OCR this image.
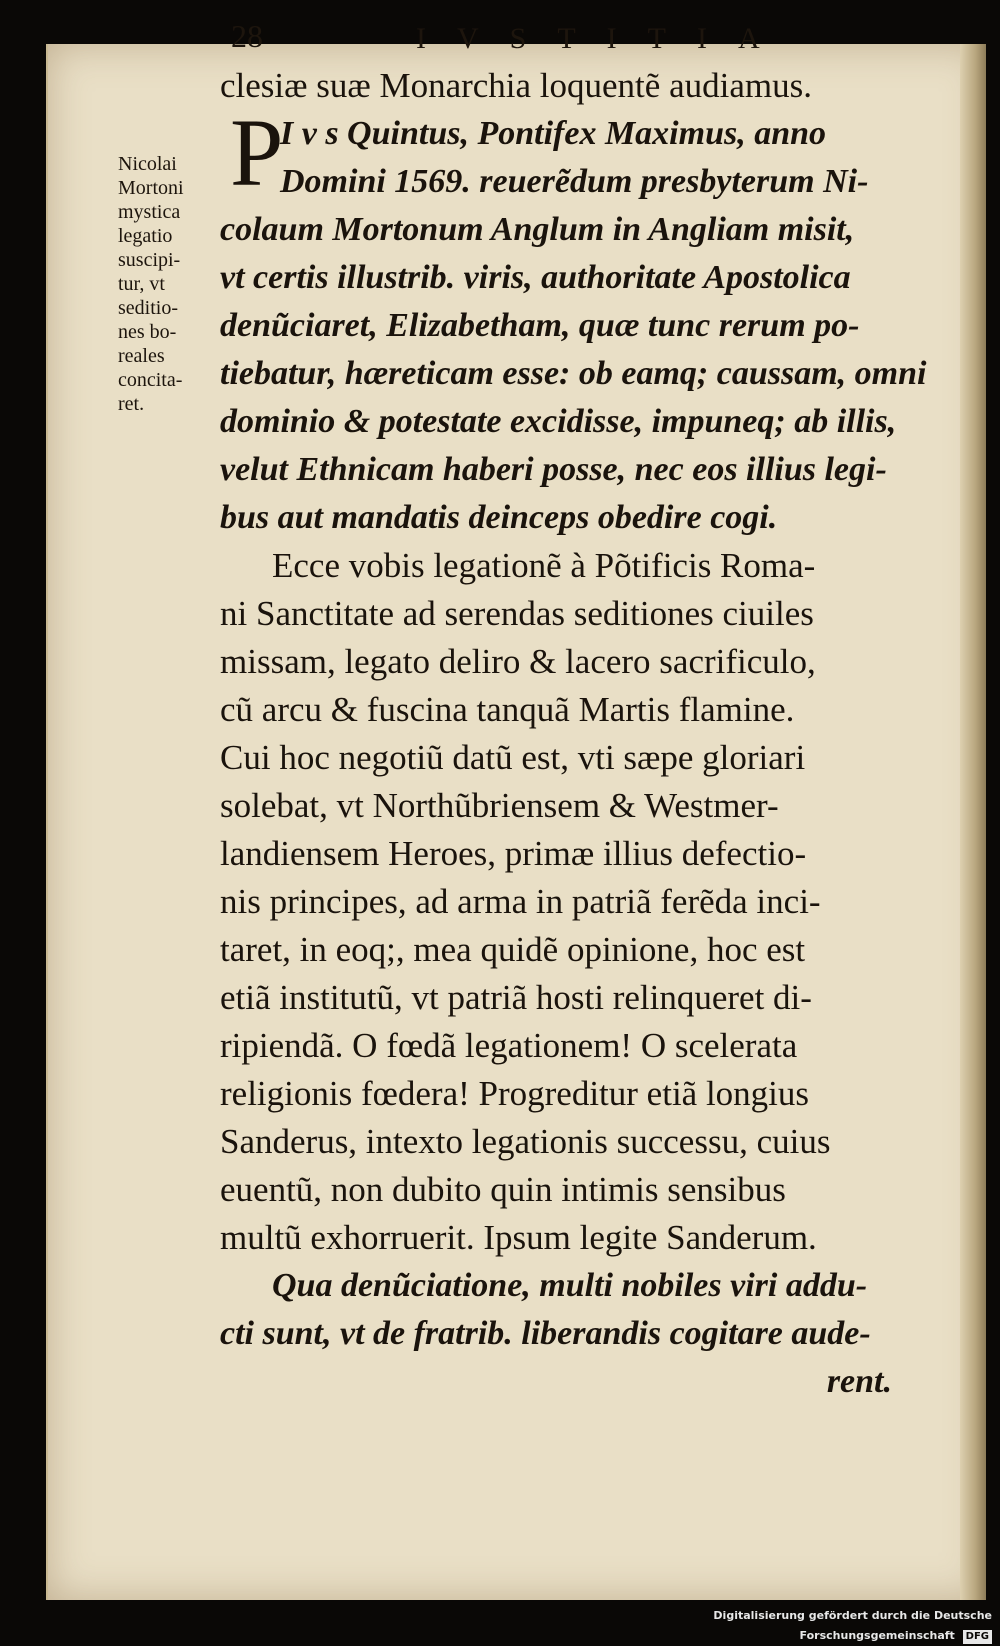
28	IVSTITIA
P
Nicolai
Mortoni
mystica
legatio
suscipi-
tur, vt
seditio-
nes bo-
reales
concita-
ret.
clesiæ suæ Monarchia loquentẽ audiamus.
I v s Quintus, Pontifex Maximus, anno
Domini 1569. reuerẽdum presbyterum Ni-
colaum Mortonum Anglum in Angliam misit,
vt certis illustrib. viris, authoritate Apostolica
denũciaret, Elizabetham, quæ tunc rerum po-
tiebatur, hæreticam esse: ob eamq; caussam, omni
dominio & potestate excidisse, impuneq; ab illis,
velut Ethnicam haberi posse, nec eos illius legi-
bus aut mandatis deinceps obedire cogi.
Ecce vobis legationẽ à Põtificis Roma-
ni Sanctitate ad serendas seditiones ciuiles
missam, legato deliro & lacero sacrificulo,
cũ arcu & fuscina tanquã Martis flamine.
Cui hoc negotiũ datũ est, vti sæpe gloriari
solebat, vt Northũbriensem & Westmer-
landiensem Heroes, primæ illius defectio-
nis principes, ad arma in patriã ferẽda inci-
taret, in eoq;, mea quidẽ opinione, hoc est
etiã institutũ, vt patriã hosti relinqueret di-
ripiendã. O fœdã legationem! O scelerata
religionis fœdera! Progreditur etiã longius
Sanderus, intexto legationis successu, cuius
euentũ, non dubito quin intimis sensibus
multũ exhorruerit. Ipsum legite Sanderum.
Qua denũciatione, multi nobiles viri addu-
cti sunt, vt de fratrib. liberandis cogitare aude-
rent.
Digitalisierung gefördert durch die Deutsche Forschungsgemeinschaft DFG
